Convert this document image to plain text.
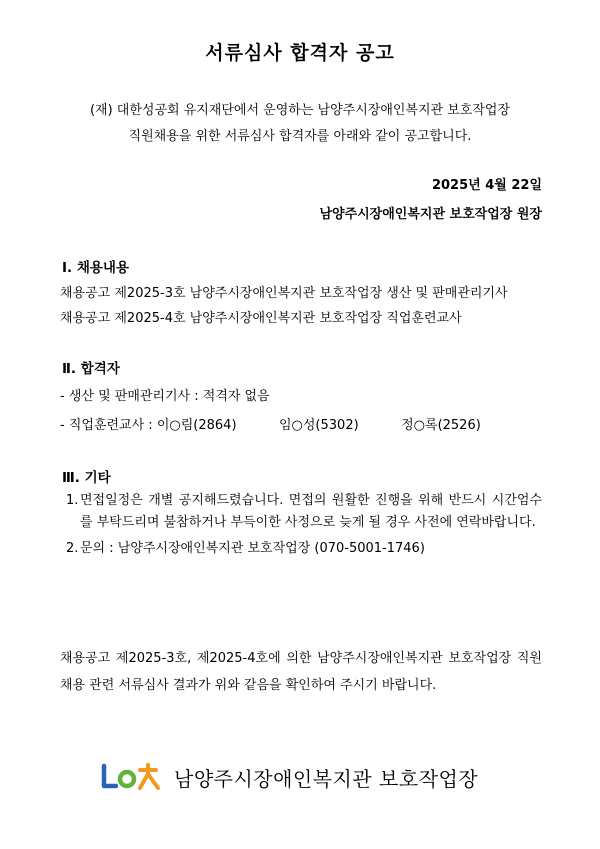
서류심사 합격자 공고
(재) 대한성공회 유지재단에서 운영하는 남양주시장애인복지관 보호작업장
직원채용을 위한 서류심사 합격자를 아래와 같이 공고합니다.
2025년 4월 22일
남양주시장애인복지관 보호작업장 원장
Ⅰ. 채용내용
채용공고 제2025-3호 남양주시장애인복지관 보호작업장 생산 및 판매관리기사
채용공고 제2025-4호 남양주시장애인복지관 보호작업장 직업훈련교사
Ⅱ. 합격자
- 생산 및 판매관리기사 : 적격자 없음
- 직업훈련교사 : 이○림(2864)	임○성(5302)	정○록(2526)
Ⅲ. 기타
1. 면접일정은 개별 공지해드렸습니다. 면접의 원활한 진행을 위해 반드시 시간엄수를 부탁드리며 불참하거나 부득이한 사정으로 늦게 될 경우 사전에 연락바랍니다.
2. 문의 : 남양주시장애인복지관 보호작업장 (070-5001-1746)
채용공고 제2025-3호, 제2025-4호에 의한 남양주시장애인복지관 보호작업장 직원채용 관련 서류심사 결과가 위와 같음을 확인하여 주시기 바랍니다.
남양주시장애인복지관 보호작업장
